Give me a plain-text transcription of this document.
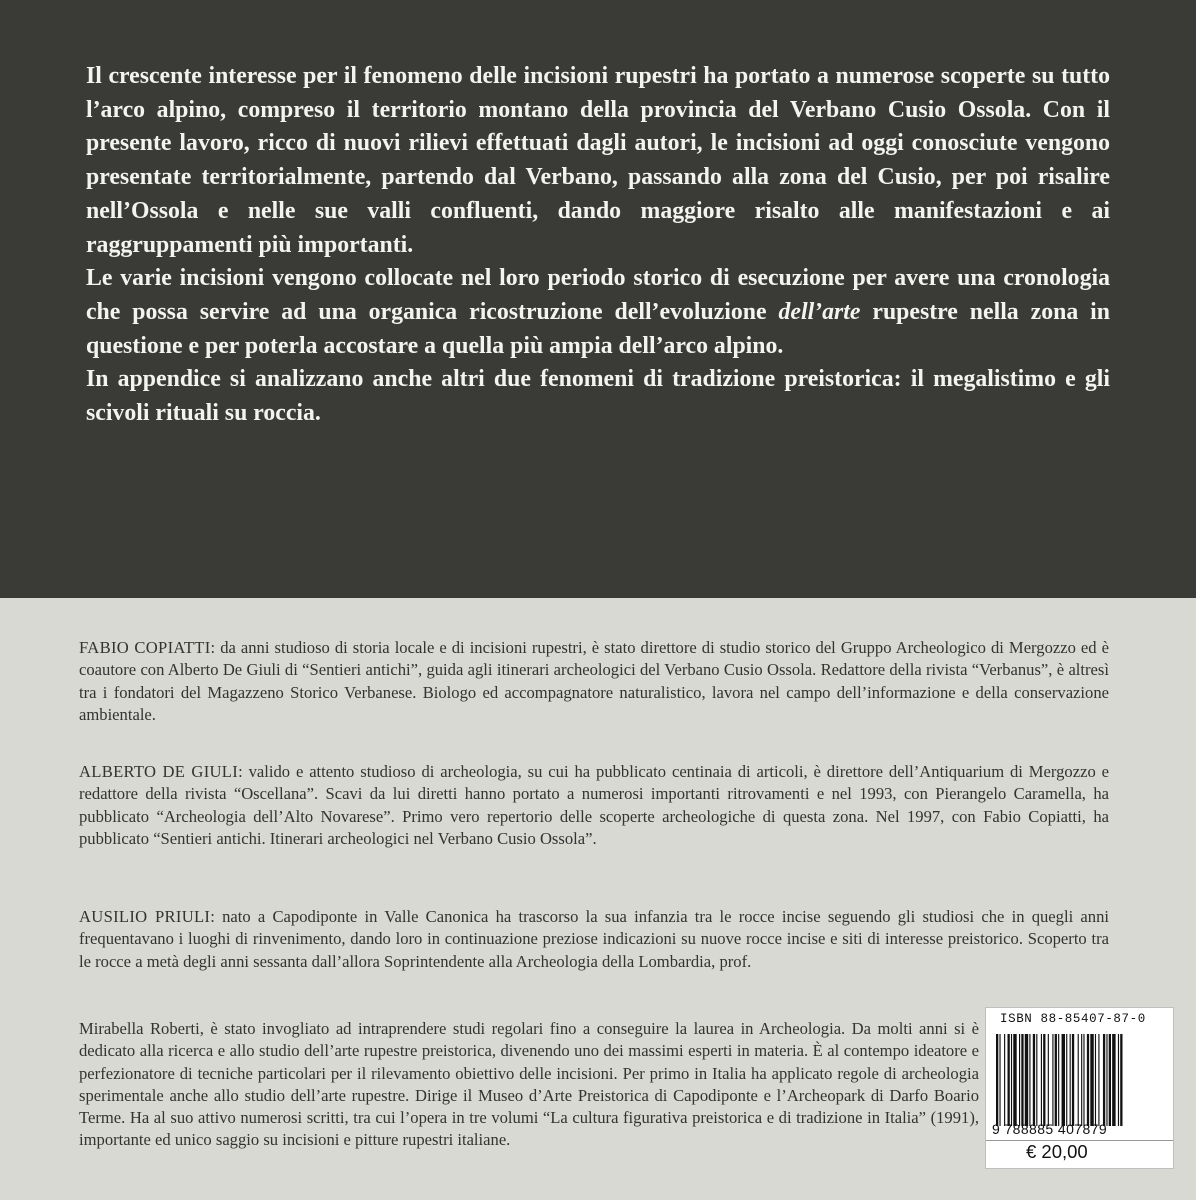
Il crescente interesse per il fenomeno delle incisioni rupestri ha portato a numerose scoperte su tutto l’arco alpino, compreso il territorio montano della provincia del Verbano Cusio Ossola. Con il presente lavoro, ricco di nuovi rilievi effettuati dagli autori, le incisioni ad oggi conosciute vengono presentate territorialmente, partendo dal Verbano, passando alla zona del Cusio, per poi risalire nell’Ossola e nelle sue valli confluenti, dando maggiore risalto alle manifestazioni e ai raggruppamenti più importanti.

Le varie incisioni vengono collocate nel loro periodo storico di esecuzione per avere una cronologia che possa servire ad una organica ricostruzione dell’evoluzione dell’arte rupestre nella zona in questione e per poterla accostare a quella più ampia dell’arco alpino.

In appendice si analizzano anche altri due fenomeni di tradizione preistorica: il megalistimo e gli scivoli rituali su roccia.

FABIO COPIATTI: da anni studioso di storia locale e di incisioni rupestri, è stato direttore di studio storico del Gruppo Archeologico di Mergozzo ed è coautore con Alberto De Giuli di “Sentieri antichi”, guida agli itinerari archeologici del Verbano Cusio Ossola. Redattore della rivista “Verbanus”, è altresì tra i fondatori del Magazzeno Storico Verbanese. Biologo ed accompagnatore naturalistico, lavora nel campo dell’informazione e della conservazione ambientale.

ALBERTO DE GIULI: valido e attento studioso di archeologia, su cui ha pubblicato centinaia di articoli, è direttore dell’Antiquarium di Mergozzo e redattore della rivista “Oscellana”. Scavi da lui diretti hanno portato a numerosi importanti ritrovamenti e nel 1993, con Pierangelo Caramella, ha pubblicato “Archeologia dell’Alto Novarese”. Primo vero repertorio delle scoperte archeologiche di questa zona. Nel 1997, con Fabio Copiatti, ha pubblicato “Sentieri antichi. Itinerari archeologici nel Verbano Cusio Ossola”.

AUSILIO PRIULI: nato a Capodiponte in Valle Canonica ha trascorso la sua infanzia tra le rocce incise seguendo gli studiosi che in quegli anni frequentavano i luoghi di rinvenimento, dando loro in continuazione preziose indicazioni su nuove rocce incise e siti di interesse preistorico. Scoperto tra le rocce a metà degli anni sessanta dall’allora Soprintendente alla Archeologia della Lombardia, prof.

Mirabella Roberti, è stato invogliato ad intraprendere studi regolari fino a conseguire la laurea in Archeologia. Da molti anni si è dedicato alla ricerca e allo studio dell’arte rupestre preistorica, divenendo uno dei massimi esperti in materia. È al contempo ideatore e perfezionatore di tecniche particolari per il rilevamento obiettivo delle incisioni. Per primo in Italia ha applicato regole di archeologia sperimentale anche allo studio dell’arte rupestre. Dirige il Museo d’Arte Preistorica di Capodiponte e l’Archeopark di Darfo Boario Terme. Ha al suo attivo numerosi scritti, tra cui l’opera in tre volumi “La cultura figurativa preistorica e di tradizione in Italia” (1991), importante ed unico saggio su incisioni e pitture rupestri italiane.

ISBN 88-85407-87-0
9 788885 407879
€ 20,00
